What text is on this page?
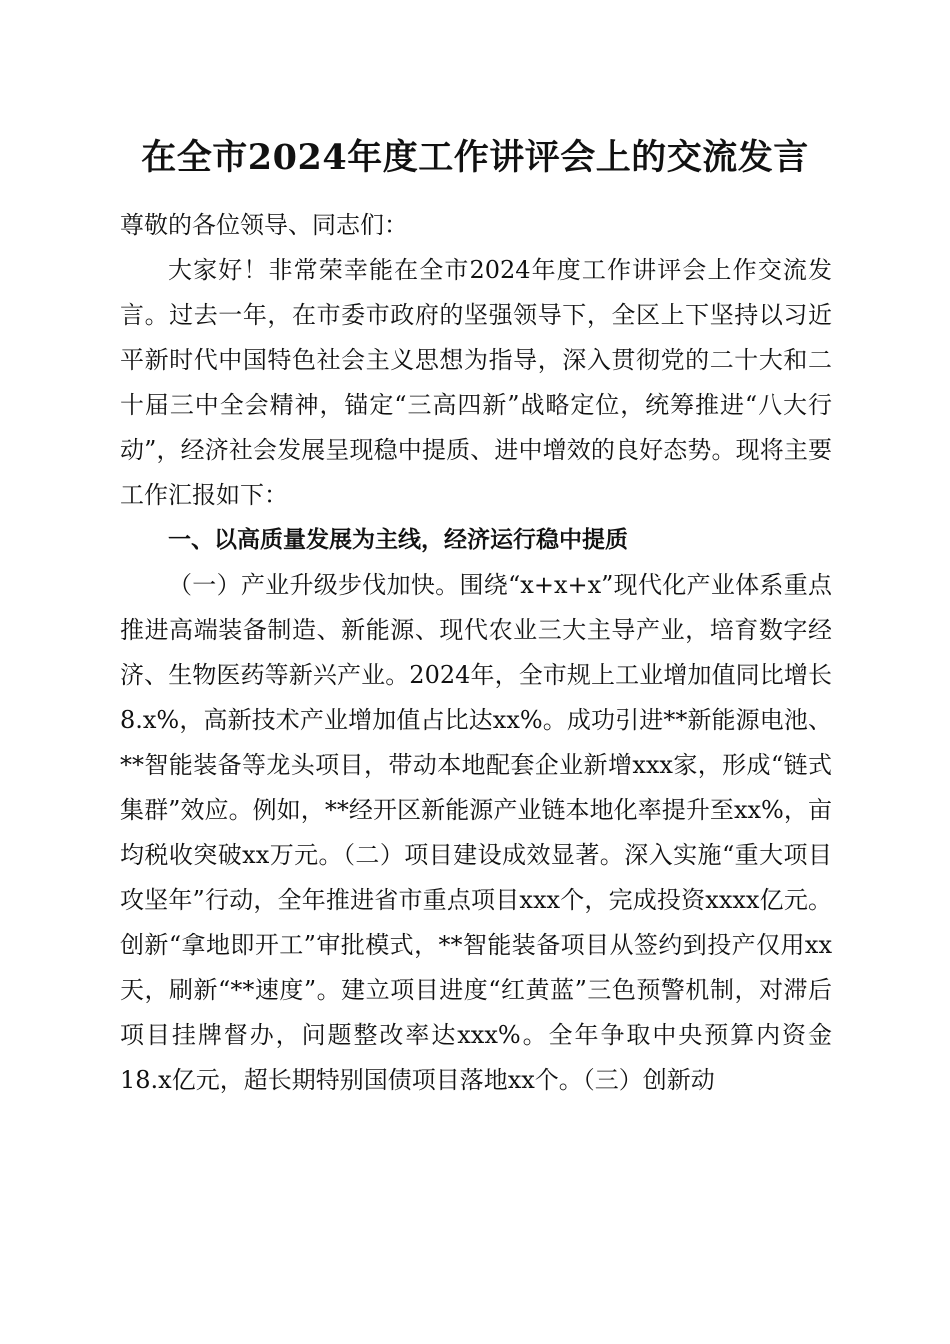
在全市2024年度工作讲评会上的交流发言

尊敬的各位领导、同志们：

大家好！非常荣幸能在全市2024年度工作讲评会上作交流发言。过去一年，在市委市政府的坚强领导下，全区上下坚持以习近平新时代中国特色社会主义思想为指导，深入贯彻党的二十大和二十届三中全会精神，锚定“三高四新”战略定位，统筹推进“八大行动”，经济社会发展呈现稳中提质、进中增效的良好态势。现将主要工作汇报如下：

一、以高质量发展为主线，经济运行稳中提质

（一）产业升级步伐加快。围绕“x+x+x”现代化产业体系重点推进高端装备制造、新能源、现代农业三大主导产业，培育数字经济、生物医药等新兴产业。2024年，全市规上工业增加值同比增长8.x%，高新技术产业增加值占比达xx%。成功引进**新能源电池、**智能装备等龙头项目，带动本地配套企业新增xxx家，形成“链式集群”效应。例如，**经开区新能源产业链本地化率提升至xx%，亩均税收突破xx万元。（二）项目建设成效显著。深入实施“重大项目攻坚年”行动，全年推进省市重点项目xxx个，完成投资xxxx亿元。创新“拿地即开工”审批模式，**智能装备项目从签约到投产仅用xx天，刷新“**速度”。建立项目进度“红黄蓝”三色预警机制，对滞后项目挂牌督办，问题整改率达xxx%。全年争取中央预算内资金18.x亿元，超长期特别国债项目落地xx个。（三）创新动
